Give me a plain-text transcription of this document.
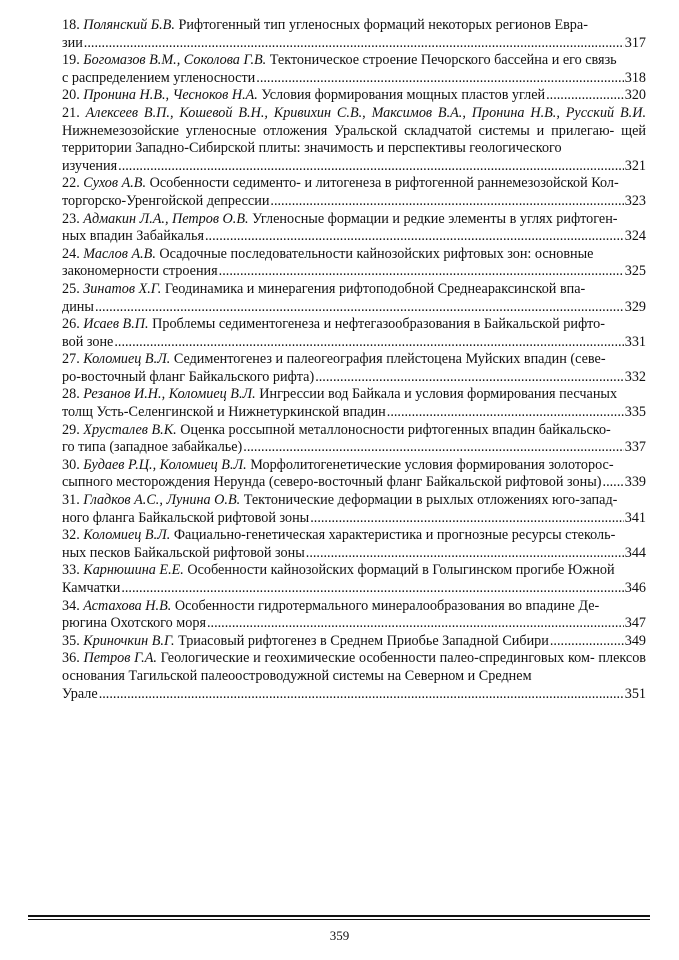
18. Полянский Б.В. Рифтогенный тип угленосных формаций некоторых регионов Евра-
зии .....	317
19. Богомазов В.М., Соколова Г.В. Тектоническое строение Печорского бассейна и его связь
с распределением угленосности .....	318
20. Пронина Н.В., Чесноков Н.А. Условия формирования мощных пластов углей .....	320
21. Алексеев В.П., Кошевой В.Н., Кривихин С.В., Максимов В.А., Пронина Н.В., Русский В.И. Нижнемезозойские угленосные отложения Уральской складчатой системы и прилегаю- щей территории Западно-Сибирской плиты: значимость и перспективы геологического
изучения .....	321
22. Сухов А.В. Особенности седименто- и литогенеза в рифтогенной раннемезозойской Кол-
торгорско-Уренгойской депрессии .....	323
23. Адмакин Л.А., Петров О.В. Угленосные формации и редкие элементы в углях рифтоген-
ных впадин Забайкалья .....	324
24. Маслов А.В. Осадочные последовательности кайнозойских рифтовых зон: основные
закономерности строения .....	325
25. Зинатов Х.Г. Геодинамика и минерагения рифтоподобной Среднеараксинской впа-
дины .....	329
26. Исаев В.П. Проблемы седиментогенеза и нефтегазообразования в Байкальской рифто-
вой зоне .....	331
27. Коломиец В.Л. Седиментогенез и палеогеография плейстоцена Муйских впадин (севе-
ро-восточный фланг Байкальского рифта) .....	332
28. Резанов И.Н., Коломиец В.Л. Ингрессии вод Байкала и условия формирования песчаных
толщ Усть-Селенгинской и Нижнетуркинской впадин .....	335
29. Хрусталев В.К. Оценка россыпной металлоносности рифтогенных впадин байкальско-
го типа (западное забайкалье) .....	337
30. Будаев Р.Ц., Коломиец В.Л. Морфолитогенетические условия формирования золоторос-
сыпного месторождения Нерунда (северо-восточный фланг Байкальской рифтовой зоны) ..... 339
31. Гладков А.С., Лунина О.В. Тектонические деформации в рыхлых отложениях юго-запад-
ного фланга Байкальской рифтовой зоны .....	341
32. Коломиец В.Л. Фациально-генетическая характеристика и прогнозные ресурсы стеколь-
ных песков Байкальской рифтовой зоны .....	344
33. Карнюшина Е.Е. Особенности кайнозойских формаций в Голыгинском прогибе Южной
Камчатки .....	346
34. Астахова Н.В. Особенности гидротермального минералообразования во впадине Де-
рюгина Охотского моря .....	347
35. Криночкин В.Г. Триасовый рифтогенез в Среднем Приобье Западной Сибири .....	349
36. Петров Г.А. Геологические и геохимические особенности палео-спрединговых ком- плексов основания Тагильской палеоостроводужной системы на Северном и Среднем
Урале .....	351
359
